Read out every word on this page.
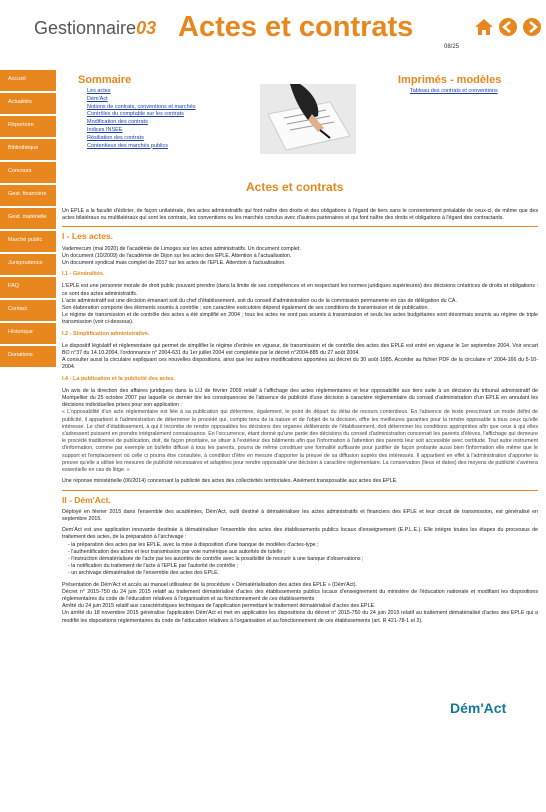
Gestionnaire03 Actes et contrats
08/25
Accueil
Actualités
Répertoire
Bibliothèque
Concours
Gest. financière
Gest. matérielle
Marché public
Jurisprudence
FAQ
Contact
Historique
Donations
Sommaire
Les actes
Dém'Act
Notions de contrats, conventions et marchés
Contrôles du comptable sur les contrats
Modification des contrats
Indices INSEE
Résiliation des contrats
Contentieux des marchés publics
Imprimés - modèles
Tableau des contrats et conventions
Actes et contrats

Un EPLE a la faculté d'édicter, de façon unilatérale, des actes administratifs qui font naître des droits et des obligations à l'égard de tiers sans le consentement préalable de ceux-ci, de même que des actes bilatéraux ou multilatéraux qui sont les contrats, les conventions ou les marchés conclus avec d'autres partenaires et qui font naître des droits et obligations à l'égard des contractants.

I - Les actes.

Vademecum (mai 2020) de l'académie de Limoges sur les actes administratifs. Un document complet.

Un document (10/2009) de l'académie de Dijon sur les actes des EPLE. Attention à l'actualisation.

Un document syndical mais complet de 2017 sur les actes de l'EPLE. Attention à l'actualisation.

I.1 - Généralités.

L'EPLE est une personne morale de droit public pouvant prendre (dans la limite de ses compétences et en respectant les normes juridiques supérieures) des décisions créatrices de droits et obligations : ce sont des actes administratifs.

L'acte administratif est une décision émanant soit du chef d'établissement, soit du conseil d'administration ou de la commission permanente en cas de délégation du CA.

Son élaboration comporte des éléments soumis à contrôle ; son caractère exécutoire dépend également de ses conditions de transmission et de publication.

Le régime de transmission et de contrôle des actes a été simplifié en 2004 ; tous les actes ne sont pas soumis à transmission et seuls les actes budgétaires sont désormais soumis au régime de triple transmission (voir ci-dessous).

I.2 - Simplification administrative.

Le dispositif législatif et réglementaire qui permet de simplifier le régime d'entrée en vigueur, de transmission et de contrôle des actes des EPLE est entré en vigueur le 1er septembre 2004. Voir encart BO n°37 du 14.10.2004, l'ordonnance n° 2004-631 du 1er juillet 2004 est complétée par le décret n°2004-885 du 27 août 2004.

A consulter aussi la circulaire expliquant ces nouvelles dispositions, ainsi que les autres modifications apportées au décret du 30 août 1985. Accéder au fichier PDF de la circulaire n° 2004-166 du 5-10-2004.

I.4 - La publication et la publicité des actes.

Un avis de la direction des affaires juridiques dans la LIJ de février 2009 relatif à l'affichage des actes réglementaires et leur opposabilité aux tiers suite à un décision du tribunal administratif de Montpellier du 25 octobre 2007 par laquelle ce dernier tire les conséquences de l'absence de publicité d'une décision à caractère réglementaire du conseil d'administration d'un EPLE en annulant les décisions individuelles prises pour son application :

« L'opposabilité d'un acte réglementaire est liée à sa publication qui détermine, également, le point de départ du délai de recours contentieux. En l'absence de texte prescrivant un mode défini de publicité, il appartient à l'administration de déterminer le procédé qui, compte tenu de la nature et de l'objet de la décision, offre les meilleures garanties pour la rendre opposable à tous ceux qu'elle intéresse. Le chef d'établissement, à qui il incombe de rendre opposables les décisions des organes délibérants de l'établissement, doit déterminer les conditions appropriées afin que ceux à qui elles s'adressent puissent en prendre intégralement connaissance. En l'occurrence, étant donné qu'une partie des décisions du conseil d'administration concernait les parents d'élèves, l'affichage qui demeure le procédé traditionnel de publication, doit, de façon prioritaire, se situer à l'extérieur des bâtiments afin que l'information à l'attention des parents leur soit accessible avec certitude. Tout autre instrument d'information, comme par exemple un bulletin diffusé à tous les parents, pourra de même constituer une formalité suffisante pour justifier de façon probante aussi bien l'information elle même que le support et l'emplacement où celle ci pourra être consultée, à condition d'être en mesure d'apporter la preuve de sa diffusion auprès des intéressés. Il appartient en effet à l'administration d'apporter la preuve qu'elle a utilisé les mesures de publicité nécessaires et adaptées pour rendre opposable une décision à caractère réglementaire. La conservation (lieux et dates) des moyens de publicité s'avérera essentielle en cas de litige. »

Une réponse ministérielle (06/2014) concernant la publicité des actes des collectivités territoriales. Aisément transposable aux actes des EPLE.

II - Dém'Act.

Déployé en février 2015 dans l'ensemble des académies, Dém'Act, outil destiné à dématérialiser les actes administratifs et financiers des EPLE et leur circuit de transmission, est généralisé en septembre 2015.

Dem'Act est une application innovante destinée à dématérialiser l'ensemble des actes des établissements publics locaux d'enseignement (E.P.L.E.). Elle intègre toutes les étapes du processus de traitement des actes, de la préparation à l'archivage :

- la préparation des actes par les EPLE, avec la mise à disposition d'une banque de modèles d'actes-type ;
- l'authentification des actes et leur transmission par voie numérique aux autorités de tutelle ;
- l'instruction dématérialisée de l'acte par les autorités de contrôle avec la possibilité de recourir à une banque d'observations ;
- la notification du traitement de l'acte à l'EPLE par l'autorité de contrôle ;
- un archivage dématérialisé de l'ensemble des actes des EPLE.

Présentation de Dém'Act et accès au manuel utilisateur de la procédure « Dématérialisation des actes des EPLE » (Dém'Act).

Décret n° 2015-750 du 24 juin 2015 relatif au traitement dématérialisé d'actes des établissements publics locaux d'enseignement du ministère de l'éducation nationale et modifiant les dispositions réglementaires du code de l'éducation relatives à l'organisation et au fonctionnement de ces établissements

Arrêté du 24 juin 2015 relatif aux caractéristiques techniques de l'application permettant le traitement dématérialisé d'actes des EPLE.

Un arrêté du 18 novembre 2015 généralise l'application Dém'Act et met en application les dispositions du décret n° 2015-750 du 24 juin 2015 relatif au traitement dématérialisé d'actes des EPLE qui a modifié les dispositions réglementaires du code de l'éducation relatives à l'organisation et au fonctionnement de ces établissements (art. R 421-78-1 et 2).

Dém'Act
